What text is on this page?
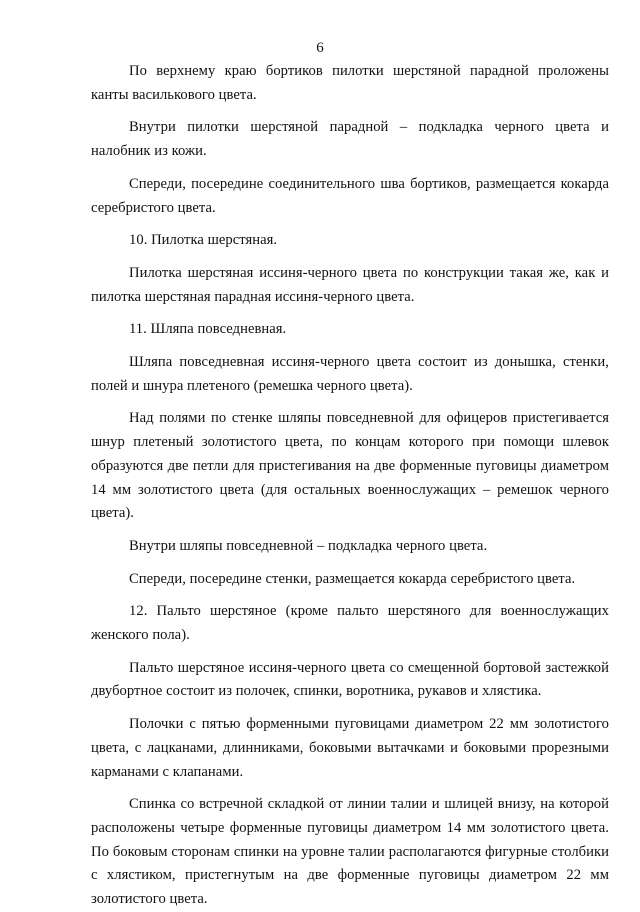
6

По верхнему краю бортиков пилотки шерстяной парадной проложены канты василькового цвета.

Внутри пилотки шерстяной парадной – подкладка черного цвета и налобник из кожи.

Спереди, посередине соединительного шва бортиков, размещается кокарда серебристого цвета.

10. Пилотка шерстяная.

Пилотка шерстяная иссиня-черного цвета по конструкции такая же, как и пилотка шерстяная парадная иссиня-черного цвета.

11. Шляпа повседневная.

Шляпа повседневная иссиня-черного цвета состоит из донышка, стенки, полей и шнура плетеного (ремешка черного цвета).

Над полями по стенке шляпы повседневной для офицеров пристегивается шнур плетеный золотистого цвета, по концам которого при помощи шлевок образуются две петли для пристегивания на две форменные пуговицы диаметром 14 мм золотистого цвета (для остальных военнослужащих – ремешок черного цвета).

Внутри шляпы повседневной – подкладка черного цвета.

Спереди, посередине стенки, размещается кокарда серебристого цвета.

12. Пальто шерстяное (кроме пальто шерстяного для военнослужащих женского пола).

Пальто шерстяное иссиня-черного цвета со смещенной бортовой застежкой двубортное состоит из полочек, спинки, воротника, рукавов и хлястика.

Полочки с пятью форменными пуговицами диаметром 22 мм золотистого цвета, с лацканами, длинниками, боковыми вытачками и боковыми прорезными карманами с клапанами.

Спинка со встречной складкой от линии талии и шлицей внизу, на которой расположены четыре форменные пуговицы диаметром 14 мм золотистого цвета. По боковым сторонам спинки на уровне талии располагаются фигурные столбики с хлястиком, пристегнутым на две форменные пуговицы диаметром 22 мм золотистого цвета.
